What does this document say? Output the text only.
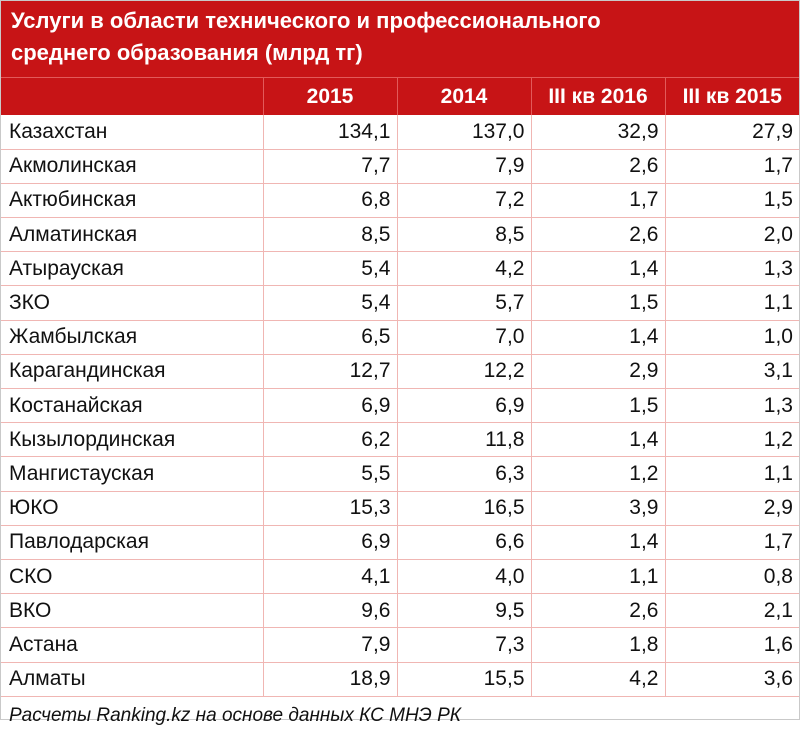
Услуги в области технического и профессионального
среднего образования (млрд тг)
	2015	2014	III кв 2016	III кв 2015
Казахстан	134,1	137,0	32,9	27,9
Акмолинская	7,7	7,9	2,6	1,7
Актюбинская	6,8	7,2	1,7	1,5
Алматинская	8,5	8,5	2,6	2,0
Атырауская	5,4	4,2	1,4	1,3
ЗКО	5,4	5,7	1,5	1,1
Жамбылская	6,5	7,0	1,4	1,0
Карагандинская	12,7	12,2	2,9	3,1
Костанайская	6,9	6,9	1,5	1,3
Кызылординская	6,2	11,8	1,4	1,2
Мангистауская	5,5	6,3	1,2	1,1
ЮКО	15,3	16,5	3,9	2,9
Павлодарская	6,9	6,6	1,4	1,7
СКО	4,1	4,0	1,1	0,8
ВКО	9,6	9,5	2,6	2,1
Астана	7,9	7,3	1,8	1,6
Алматы	18,9	15,5	4,2	3,6
Расчеты Ranking.kz на основе данных КС МНЭ РК
